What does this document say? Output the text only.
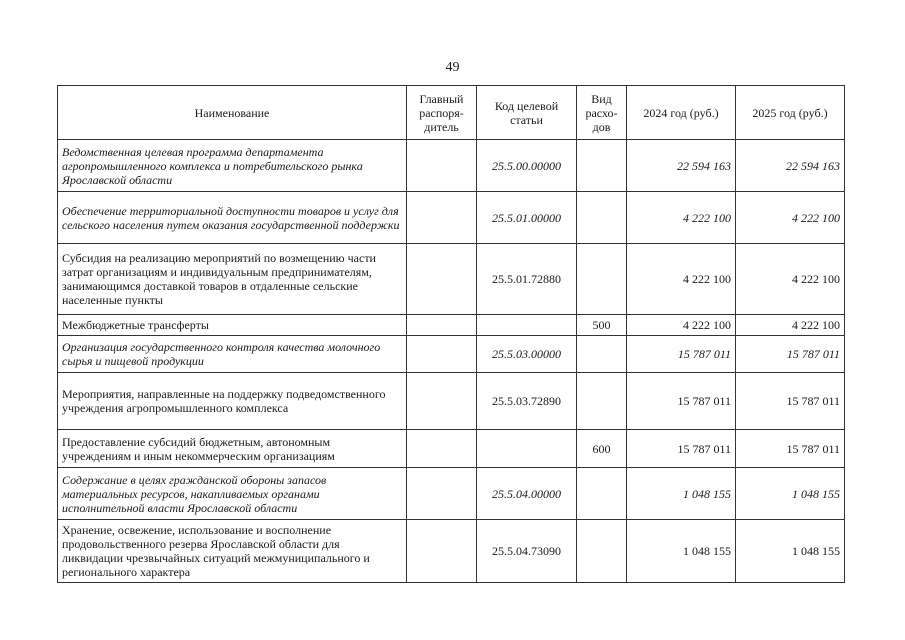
49
Наименование	Главный распоря-дитель	Код целевой статьи	Вид расхо-дов	2024 год (руб.)	2025 год (руб.)
Ведомственная целевая программа департамента агропромышленного комплекса и потребительского рынка Ярославской области		25.5.00.00000		22 594 163	22 594 163
Обеспечение территориальной доступности товаров и услуг для сельского населения путем оказания государственной поддержки		25.5.01.00000		4 222 100	4 222 100
Субсидия на реализацию мероприятий по возмещению части затрат организациям и индивидуальным предпринимателям, занимающимся доставкой товаров в отдаленные сельские населенные пункты		25.5.01.72880		4 222 100	4 222 100
Межбюджетные трансферты			500	4 222 100	4 222 100
Организация государственного контроля качества молочного сырья и пищевой продукции		25.5.03.00000		15 787 011	15 787 011
Мероприятия, направленные на поддержку подведомственного учреждения агропромышленного комплекса		25.5.03.72890		15 787 011	15 787 011
Предоставление субсидий бюджетным, автономным учреждениям и иным некоммерческим организациям			600	15 787 011	15 787 011
Содержание в целях гражданской обороны запасов материальных ресурсов, накапливаемых органами исполнительной власти Ярославской области		25.5.04.00000		1 048 155	1 048 155
Хранение, освежение, использование и восполнение продовольственного резерва Ярославской области для ликвидации чрезвычайных ситуаций межмуниципального и регионального характера		25.5.04.73090		1 048 155	1 048 155
